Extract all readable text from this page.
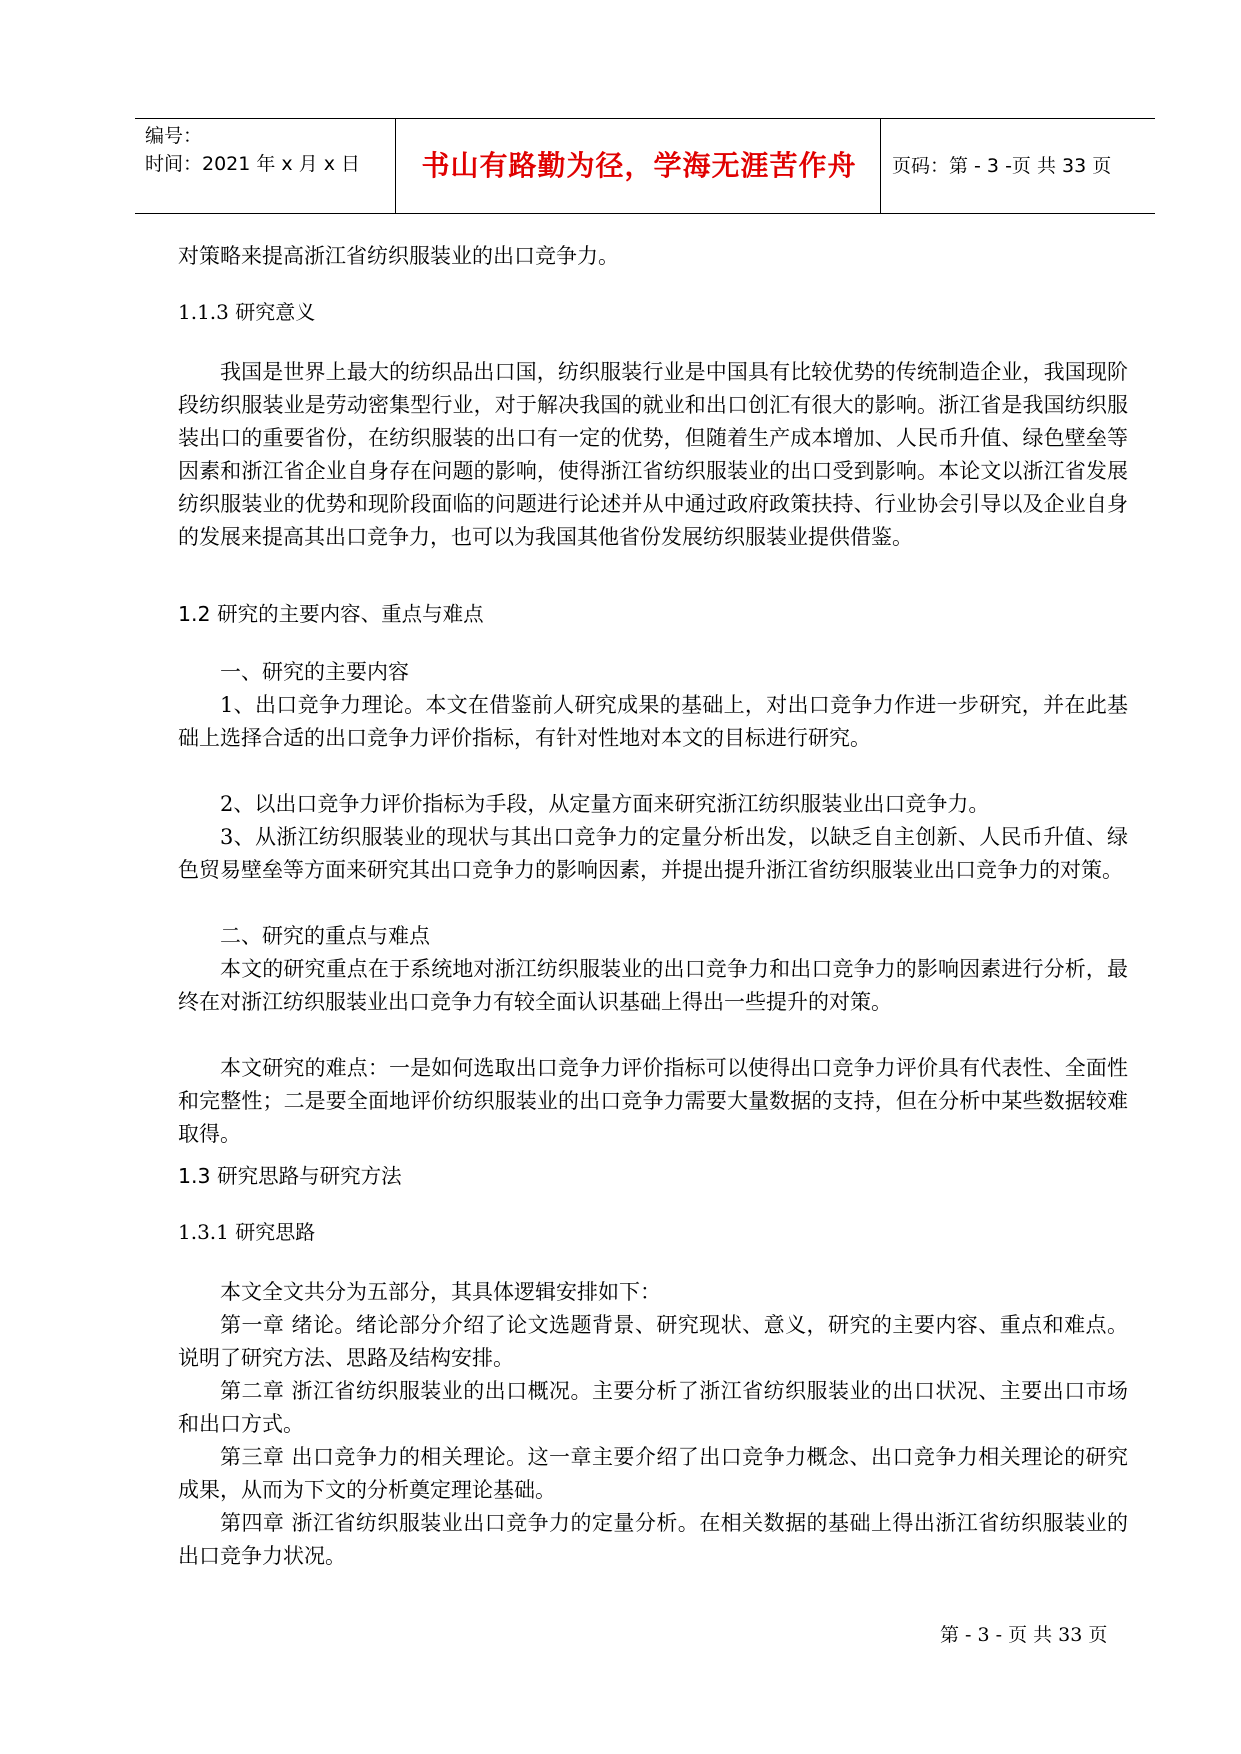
编号：
时间：2021 年 x 月 x 日	书山有路勤为径，学海无涯苦作舟	页码：第 - 3 -页 共 33 页

对策略来提高浙江省纺织服装业的出口竞争力。

1.1.3 研究意义

我国是世界上最大的纺织品出口国，纺织服装行业是中国具有比较优势的传统制造企业，我国现阶段纺织服装业是劳动密集型行业，对于解决我国的就业和出口创汇有很大的影响。浙江省是我国纺织服装出口的重要省份，在纺织服装的出口有一定的优势，但随着生产成本增加、人民币升值、绿色壁垒等因素和浙江省企业自身存在问题的影响，使得浙江省纺织服装业的出口受到影响。本论文以浙江省发展纺织服装业的优势和现阶段面临的问题进行论述并从中通过政府政策扶持、行业协会引导以及企业自身的发展来提高其出口竞争力，也可以为我国其他省份发展纺织服装业提供借鉴。

1.2 研究的主要内容、重点与难点

一、研究的主要内容

1、出口竞争力理论。本文在借鉴前人研究成果的基础上，对出口竞争力作进一步研究，并在此基础上选择合适的出口竞争力评价指标，有针对性地对本文的目标进行研究。

2、以出口竞争力评价指标为手段，从定量方面来研究浙江纺织服装业出口竞争力。

3、从浙江纺织服装业的现状与其出口竞争力的定量分析出发，以缺乏自主创新、人民币升值、绿色贸易壁垒等方面来研究其出口竞争力的影响因素，并提出提升浙江省纺织服装业出口竞争力的对策。

二、研究的重点与难点

本文的研究重点在于系统地对浙江纺织服装业的出口竞争力和出口竞争力的影响因素进行分析，最终在对浙江纺织服装业出口竞争力有较全面认识基础上得出一些提升的对策。

本文研究的难点：一是如何选取出口竞争力评价指标可以使得出口竞争力评价具有代表性、全面性和完整性；二是要全面地评价纺织服装业的出口竞争力需要大量数据的支持，但在分析中某些数据较难取得。

1.3 研究思路与研究方法

1.3.1 研究思路

本文全文共分为五部分，其具体逻辑安排如下：

第一章 绪论。绪论部分介绍了论文选题背景、研究现状、意义，研究的主要内容、重点和难点。说明了研究方法、思路及结构安排。

第二章 浙江省纺织服装业的出口概况。主要分析了浙江省纺织服装业的出口状况、主要出口市场和出口方式。

第三章 出口竞争力的相关理论。这一章主要介绍了出口竞争力概念、出口竞争力相关理论的研究成果，从而为下文的分析奠定理论基础。

第四章 浙江省纺织服装业出口竞争力的定量分析。在相关数据的基础上得出浙江省纺织服装业的出口竞争力状况。

第 - 3 - 页 共 33 页
